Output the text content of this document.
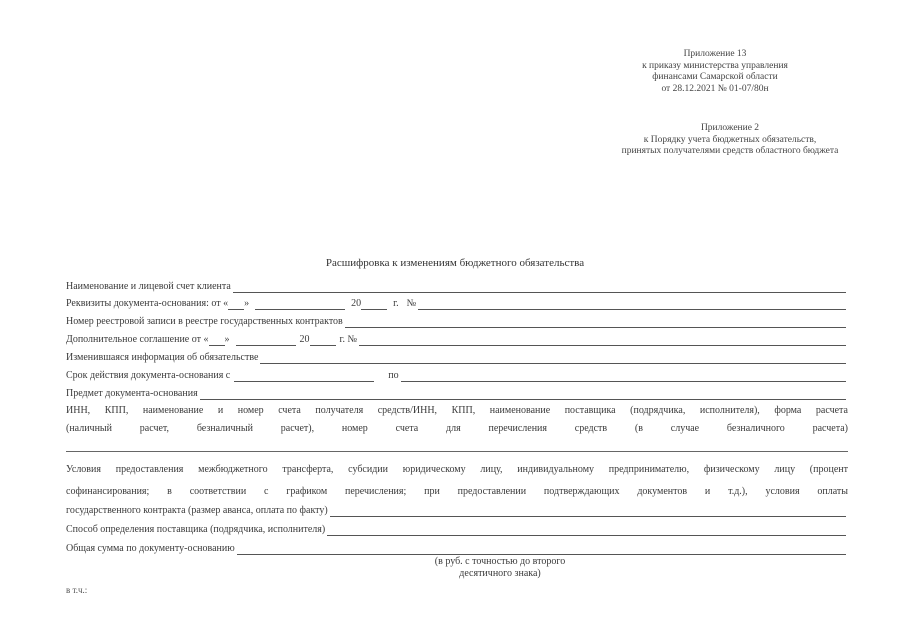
Приложение 13
к приказу министерства управления
финансами Самарской области
от 28.12.2021 № 01-07/80н
Приложение 2
к Порядку учета бюджетных обязательств,
принятых получателями средств областного бюджета
Расшифровка к изменениям бюджетного обязательства
Наименование и лицевой счет клиента
Реквизиты документа-основания: от « »	20	г. №
Номер реестровой записи в реестре государственных контрактов
Дополнительное соглашение от « »	20	г. №
Изменившаяся информация об обязательстве
Срок действия документа-основания с	по
Предмет документа-основания
ИНН, КПП, наименование и номер счета получателя средств/ИНН, КПП, наименование поставщика (подрядчика, исполнителя), форма расчета
(наличный расчет, безналичный расчет), номер счета для перечисления средств (в случае безналичного расчета)
Условия предоставления межбюджетного трансферта, субсидии юридическому лицу, индивидуальному предпринимателю, физическому лицу (процент
софинансирования; в соответствии с графиком перечисления; при предоставлении подтверждающих документов и т.д.), условия оплаты
государственного контракта (размер аванса, оплата по факту)
Способ определения поставщика (подрядчика, исполнителя)
Общая сумма по документу-основанию
(в руб. с точностью до второго
десятичного знака)
в т.ч.:
